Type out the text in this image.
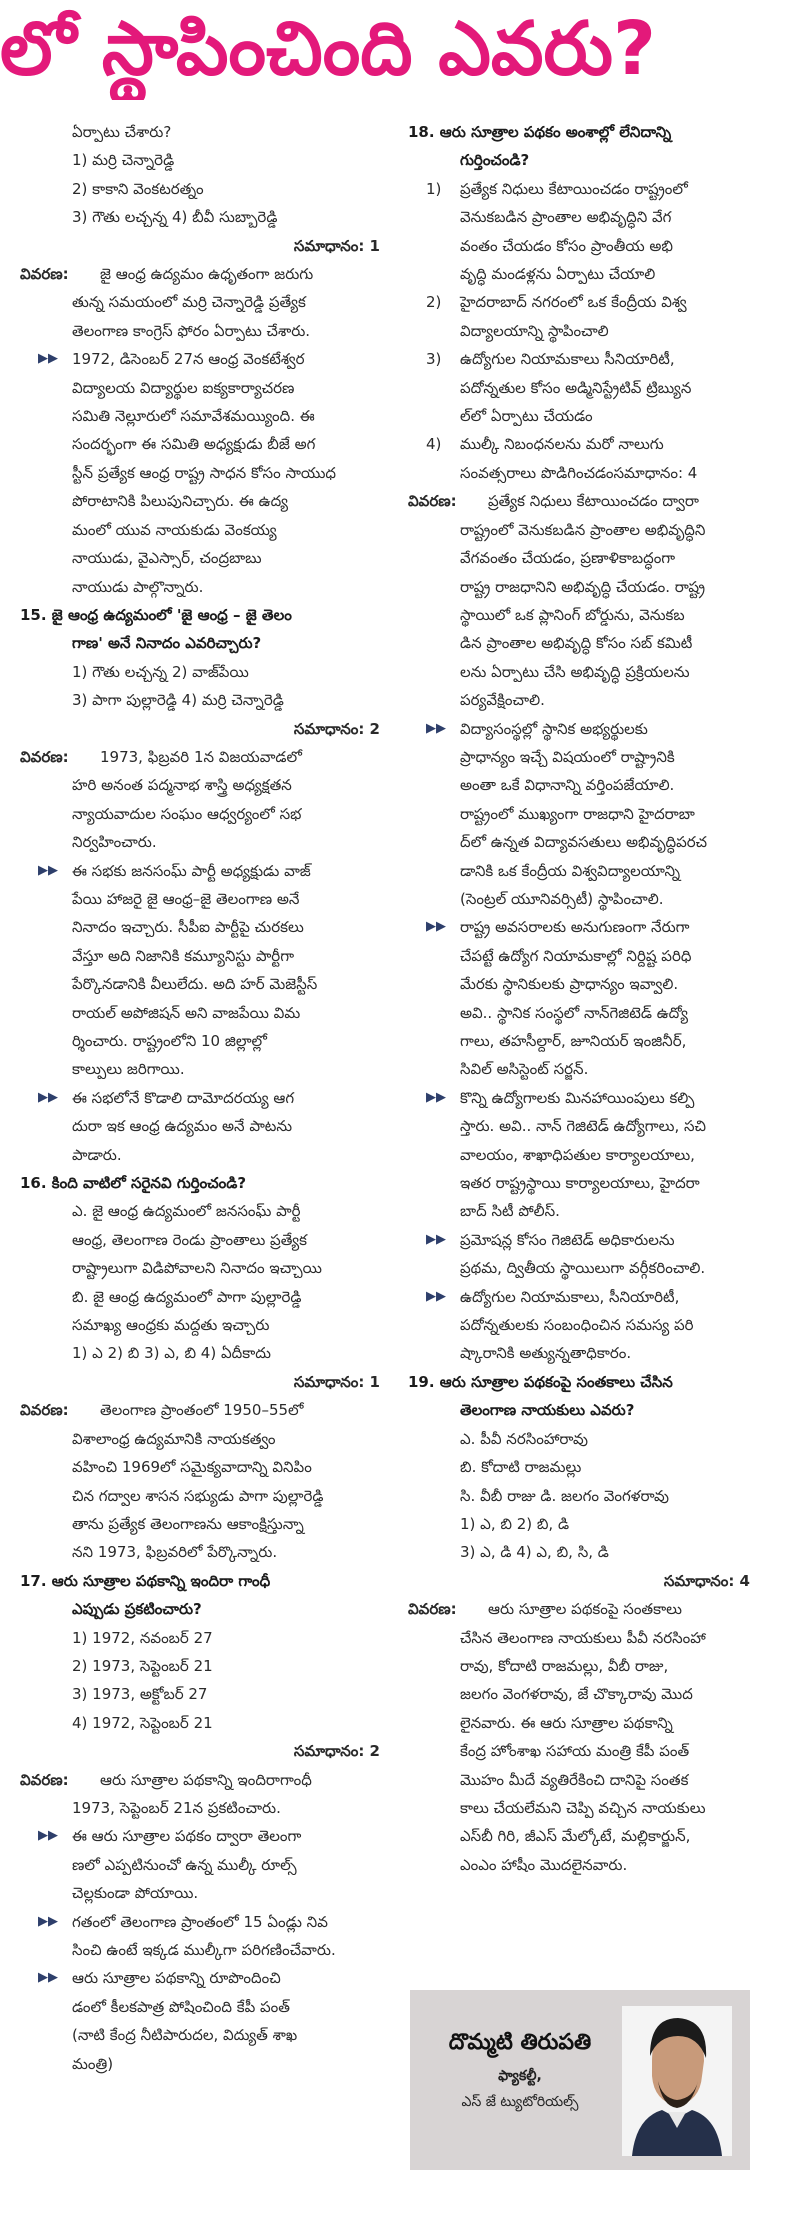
లో స్థాపించింది ఎవరు?
ఏర్పాటు చేశారు?
1) మర్రి చెన్నారెడ్డి
2) కాకాని వెంకటరత్నం
3) గౌతు లచ్చన్న 4) బీవీ సుబ్బారెడ్డి
సమాధానం: 1
వివరణ: జై ఆంధ్ర ఉద్యమం ఉధృతంగా జరుగు
తున్న సమయంలో మర్రి చెన్నారెడ్డి ప్రత్యేక
తెలంగాణ కాంగ్రెస్ ఫోరం ఏర్పాటు చేశారు.
▶▶ 1972, డిసెంబర్ 27న ఆంధ్ర వెంకటేశ్వర
విద్యాలయ విద్యార్థుల ఐక్యకార్యాచరణ
సమితి నెల్లూరులో సమావేశమయ్యింది. ఈ
సందర్భంగా ఈ సమితి అధ్యక్షుడు బీజే అగ
స్టీన్ ప్రత్యేక ఆంధ్ర రాష్ట్ర సాధన కోసం సాయుధ
పోరాటానికి పిలుపునిచ్చారు. ఈ ఉద్య
మంలో యువ నాయకుడు వెంకయ్య
నాయుడు, వైఎస్సార్, చంద్రబాబు
నాయుడు పాల్గొన్నారు.
15. జై ఆంధ్ర ఉద్యమంలో 'జై ఆంధ్ర – జై తెలం
గాణ' అనే నినాదం ఎవరిచ్చారు?
1) గౌతు లచ్చన్న 2) వాజ్‌పేయి
3) పాగా పుల్లారెడ్డి 4) మర్రి చెన్నారెడ్డి
సమాధానం: 2
వివరణ: 1973, ఫిబ్రవరి 1న విజయవాడలో
హరి అనంత పద్మనాభ శాస్త్రి అధ్యక్షతన
న్యాయవాదుల సంఘం ఆధ్వర్యంలో సభ
నిర్వహించారు.
▶▶ ఈ సభకు జనసంఘ్ పార్టీ అధ్యక్షుడు వాజ్
పేయి హాజరై జై ఆంధ్ర–జై తెలంగాణ అనే
నినాదం ఇచ్చారు. సీపీఐ పార్టీపై చురకలు
వేస్తూ అది నిజానికి కమ్యూనిస్టు పార్టీగా
పేర్కొనడానికి వీలులేదు. అది హర్ మెజెస్టీస్
రాయల్ అపోజిషన్ అని వాజపేయి విమ
ర్శించారు. రాష్ట్రంలోని 10 జిల్లాల్లో
కాల్పులు జరిగాయి.
▶▶ ఈ సభలోనే కొడాలి దామోదరయ్య ఆగ
దురా ఇక ఆంధ్ర ఉద్యమం అనే పాటను
పాడారు.
16. కింది వాటిలో సరైనవి గుర్తించండి?
ఎ. జై ఆంధ్ర ఉద్యమంలో జనసంఘ్ పార్టీ
ఆంధ్ర, తెలంగాణ రెండు ప్రాంతాలు ప్రత్యేక
రాష్ట్రాలుగా విడిపోవాలని నినాదం ఇచ్చాయి
బి. జై ఆంధ్ర ఉద్యమంలో పాగా పుల్లారెడ్డి
సమాఖ్య ఆంధ్రకు మద్దతు ఇచ్చారు
1) ఎ 2) బి 3) ఎ, బి 4) ఏదీకాదు
సమాధానం: 1
వివరణ: తెలంగాణ ప్రాంతంలో 1950–55లో
విశాలాంధ్ర ఉద్యమానికి నాయకత్వం
వహించి 1969లో సమైక్యవాదాన్ని వినిపిం
చిన గద్వాల శాసన సభ్యుడు పాగా పుల్లారెడ్డి
తాను ప్రత్యేక తెలంగాణను ఆకాంక్షిస్తున్నా
నని 1973, ఫిబ్రవరిలో పేర్కొన్నారు.
17. ఆరు సూత్రాల పథకాన్ని ఇందిరా గాంధీ
ఎప్పుడు ప్రకటించారు?
1) 1972, నవంబర్ 27
2) 1973, సెప్టెంబర్ 21
3) 1973, అక్టోబర్ 27
4) 1972, సెప్టెంబర్ 21
సమాధానం: 2
వివరణ: ఆరు సూత్రాల పథకాన్ని ఇందిరాగాంధీ
1973, సెప్టెంబర్ 21న ప్రకటించారు.
▶▶ ఈ ఆరు సూత్రాల పథకం ద్వారా తెలంగా
ణలో ఎప్పటినుంచో ఉన్న ముల్కీ రూల్స్
చెల్లకుండా పోయాయి.
▶▶ గతంలో తెలంగాణ ప్రాంతంలో 15 ఏండ్లు నివ
సించి ఉంటే ఇక్కడ ముల్కీగా పరిగణించేవారు.
▶▶ ఆరు సూత్రాల పథకాన్ని రూపొందించి
డంలో కీలకపాత్ర పోషించింది కేపీ పంత్
(నాటి కేంద్ర నీటిపారుదల, విద్యుత్ శాఖ
మంత్రి)
18. ఆరు సూత్రాల పథకం అంశాల్లో లేనిదాన్ని
గుర్తించండి?
1) ప్రత్యేక నిధులు కేటాయించడం రాష్ట్రంలో
వెనుకబడిన ప్రాంతాల అభివృద్ధిని వేగ
వంతం చేయడం కోసం ప్రాంతీయ అభి
వృద్ధి మండళ్లను ఏర్పాటు చేయాలి
2) హైదరాబాద్ నగరంలో ఒక కేంద్రీయ విశ్వ
విద్యాలయాన్ని స్థాపించాలి
3) ఉద్యోగుల నియామకాలు సీనియారిటీ,
పదోన్నతుల కోసం అడ్మినిస్ట్రేటివ్ ట్రిబ్యున
ల్‌లో ఏర్పాటు చేయడం
4) ముల్కీ నిబంధనలను మరో నాలుగు
సంవత్సరాలు పొడిగించడంసమాధానం: 4
వివరణ: ప్రత్యేక నిధులు కేటాయించడం ద్వారా
రాష్ట్రంలో వెనుకబడిన ప్రాంతాల అభివృద్ధిని
వేగవంతం చేయడం, ప్రణాళికాబద్ధంగా
రాష్ట్ర రాజధానిని అభివృద్ధి చేయడం. రాష్ట్ర
స్థాయిలో ఒక ప్లానింగ్ బోర్డును, వెనుకబ
డిన ప్రాంతాల అభివృద్ధి కోసం సబ్ కమిటీ
లను ఏర్పాటు చేసి అభివృద్ధి ప్రక్రియలను
పర్యవేక్షించాలి.
▶▶ విద్యాసంస్థల్లో స్థానిక అభ్యర్థులకు
ప్రాధాన్యం ఇచ్చే విషయంలో రాష్ట్రానికి
అంతా ఒకే విధానాన్ని వర్తింపజేయాలి.
రాష్ట్రంలో ముఖ్యంగా రాజధాని హైదరాబా
ద్‌లో ఉన్నత విద్యావసతులు అభివృద్ధిపరచ
డానికి ఒక కేంద్రీయ విశ్వవిద్యాలయాన్ని
(సెంట్రల్ యూనివర్సిటీ) స్థాపించాలి.
▶▶ రాష్ట్ర అవసరాలకు అనుగుణంగా నేరుగా
చేపట్టే ఉద్యోగ నియామకాల్లో నిర్దిష్ట పరిధి
మేరకు స్థానికులకు ప్రాధాన్యం ఇవ్వాలి.
అవి.. స్థానిక సంస్థలో నాన్‌గెజిటెడ్ ఉద్యో
గాలు, తహసీల్దార్, జూనియర్ ఇంజినీర్,
సివిల్ అసిస్టెంట్ సర్జన్.
▶▶ కొన్ని ఉద్యోగాలకు మినహాయింపులు కల్పి
స్తారు. అవి.. నాన్ గెజిటెడ్ ఉద్యోగాలు, సచి
వాలయం, శాఖాధిపతుల కార్యాలయాలు,
ఇతర రాష్ట్రస్థాయి కార్యాలయాలు, హైదరా
బాద్ సిటీ పోలీస్.
▶▶ ప్రమోషన్ల కోసం గెజిటెడ్ అధికారులను
ప్రథమ, ద్వితీయ స్థాయిలుగా వర్గీకరించాలి.
▶▶ ఉద్యోగుల నియామకాలు, సీనియారిటీ,
పదోన్నతులకు సంబంధించిన సమస్య పరి
ష్కారానికి అత్యున్నతాధికారం.
19. ఆరు సూత్రాల పథకంపై సంతకాలు చేసిన
తెలంగాణ నాయకులు ఎవరు?
ఎ. పీవీ నరసింహారావు
బి. కోదాటి రాజమల్లు
సి. వీబీ రాజు డి. జలగం వెంగళరావు
1) ఎ, బి 2) బి, డి
3) ఎ, డి 4) ఎ, బి, సి, డి
సమాధానం: 4
వివరణ: ఆరు సూత్రాల పథకంపై సంతకాలు
చేసిన తెలంగాణ నాయకులు పీవీ నరసింహా
రావు, కోదాటి రాజమల్లు, వీబీ రాజు,
జలగం వెంగళరావు, జే చొక్కారావు మొద
లైనవారు. ఈ ఆరు సూత్రాల పథకాన్ని
కేంద్ర హోంశాఖ సహాయ మంత్రి కేపీ పంత్
మొహం మీదే వ్యతిరేకించి దానిపై సంతక
కాలు చేయలేమని చెప్పి వచ్చిన నాయకులు
ఎస్‌బీ గిరి, జీఎస్ మేల్కోటే, మల్లికార్జున్,
ఎంఎం హాషీం మొదలైనవారు.
దొమ్మటి తిరుపతి
ఫ్యాకల్టీ,
ఎస్ జే ట్యుటోరియల్స్
